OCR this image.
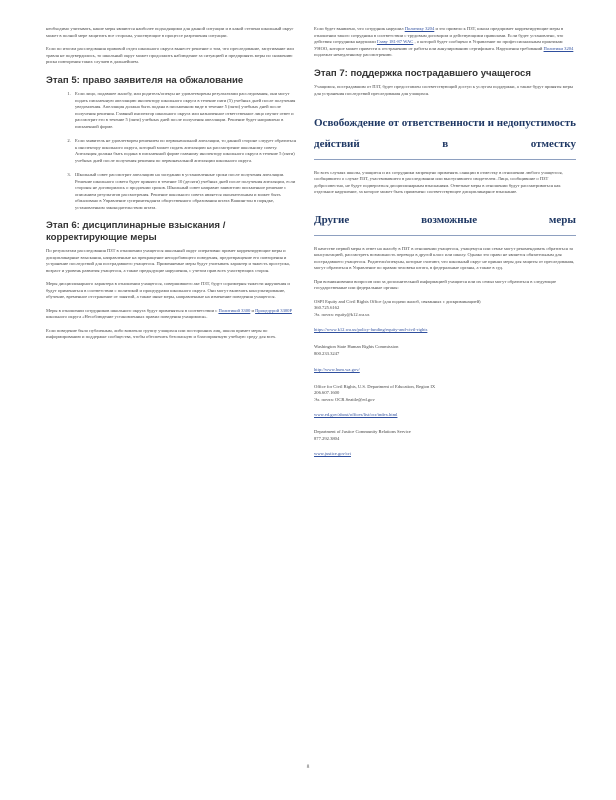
необходимо учитывать, какие меры являются наиболее подходящими для данной ситуации и в какой степени школьный округ может в полной мере защитить все стороны, участвующие в процессе разрешения ситуации.

Если по итогам расследования правовой отдел школьного округа вынесет решение о том, что преследование, запугивание или травля не подтвердились, то школьный округ может продолжить наблюдение за ситуацией и предпринять меры по снижению риска повторения таких случаев в дальнейшем.

Этап 5: право заявителя на обжалование
1. Если лицо, подавшее жалобу, или родитель/опекун не удовлетворены результатами расследования, они могут подать письменную апелляцию инспектору школьного округа в течение пяти (5) учебных дней после получения уведомления. Апелляция должна быть подана в письменном виде в течение 5 (пяти) учебных дней после получения решения. Главный инспектор школьного округа или назначенное ответственное лицо изучит ответ и рассмотрит его в течение 5 (пяти) учебных дней после получения апелляции. Решение будет направлено в письменной форме.
2. Если заявитель не удовлетворен решением по первоначальной апелляции, то данной стороне следует обратиться к инспектору школьного округа, который может подать апелляцию на рассмотрение школьному совету. Апелляция должна быть подана в письменной форме главному инспектору школьного округа в течение 5 (пяти) учебных дней после получения решения по первоначальной апелляции школьного округа.
3. Школьный совет рассмотрит апелляцию на заседании в установленные сроки после получения апелляции. Решение школьного совета будет принято в течение 10 (десяти) учебных дней после получения апелляции, если стороны не договорились о продлении сроков. Школьный совет направит заявителю письменное решение с описанием результатов рассмотрения. Решение школьного совета является окончательным и может быть обжаловано в Управление суперинтенданта общественного образования штата Вашингтон в порядке, установленном законодательством штата.
Этап 6: дисциплинарные взыскания / корректирующие меры

По результатам расследования ПЗТ в отношении учащегося школьный округ оперативно примет корректирующие меры и дисциплинарные взыскания, направленные на прекращение неподобающего поведения, предотвращение его повторения и устранение последствий для пострадавшего учащегося. Применяемые меры будут учитывать характер и тяжесть проступка, возраст и уровень развития учащегося, а также предыдущие нарушения, с учетом прав всех участвующих сторон.

Меры дисциплинарного характера в отношении учащегося, совершившего акт ПЗТ, будут соразмерны тяжести нарушения и будут применяться в соответствии с политикой и процедурами школьного округа. Они могут включать консультирование, обучение, временное отстранение от занятий, а также иные меры, направленные на изменение поведения учащегося.

Меры в отношении сотрудников школьного округа будут применяться в соответствии с Политикой 3300 и Процедурой 3300P школьного округа «Несоблюдение установленных правил поведения учащимися».

Если поведение было публичным, либо вовлекло группу учащихся или посторонних лиц, школа примет меры по информированию и поддержке сообщества, чтобы обеспечить безопасную и благоприятную учебную среду для всех.

Если будет выявлено, что сотрудник нарушил Политику 3204 и это привело к ПЗТ, школа предпримет корректирующие меры в отношении такого сотрудника в соответствии с трудовым договором и действующими правилами. Если будет установлено, что действия сотрудника нарушили Главу 181-87 WAC , о которой будет сообщено в Управление по профессиональным практикам УНОО, которое может привести к отстранению от работы или аннулированию сертификата. Нарушения требований Политики 3204 подлежат немедленному рассмотрению.

Этап 7: поддержка пострадавшего учащегося

Учащимся, пострадавшим от ПЗТ, будет предоставлен соответствующий доступ к услугам поддержки, а также будут приняты меры для устранения последствий преследования для учащихся.

Освобождение от ответственности и недопустимость действий в отместку

Во всех случаях школы, учащиеся и их сотрудники запрещено применять санкции в отместку в отношении любого учащегося, сообщившего о случае ПЗТ, участвовавшего в расследовании или выступившего свидетелем. Лица, сообщившие о ПЗТ добросовестно, не будут подвергаться дисциплинарным взысканиям. Ответные меры в отношении будут рассматриваться как отдельное нарушение, за которое может быть применено соответствующее дисциплинарное взыскание.

Другие возможные меры

В качестве первой меры в ответ на жалобу в ПЗТ в отношении учащегося, учащемуся или семье могут рекомендовать обратиться за консультацией, рассмотреть возможность перевода в другой класс или школу. Однако это право не является обязательным для пострадавшего учащегося. Родители/опекуны, которые считают, что школьный округ не принял меры для защиты от преследования, могут обратиться в Управление по правам человека штата, в федеральные органы, а также в суд.

При возникновении вопросов или за дополнительной информацией учащиеся или их семьи могут обратиться в следующие государственные или федеральные органы:

OSPI Equity and Civil Rights Office (для подачи жалоб, связанных с дискриминацией)
360.725.6162
Эл. почта: equity@k12.wa.us
https://www.k12.wa.us/policy-funding/equity-and-civil-rights
Washington State Human Rights Commission
800.233.3247
http://www.hum.wa.gov/
Office for Civil Rights, U.S. Department of Education, Region IX
206.607.1600
Эл. почта: OCR.Seattle@ed.gov
www.ed.gov/about/offices/list/ocr/index.html
Department of Justice Community Relations Service
877.292.3804
www.justice.gov/crt
8
